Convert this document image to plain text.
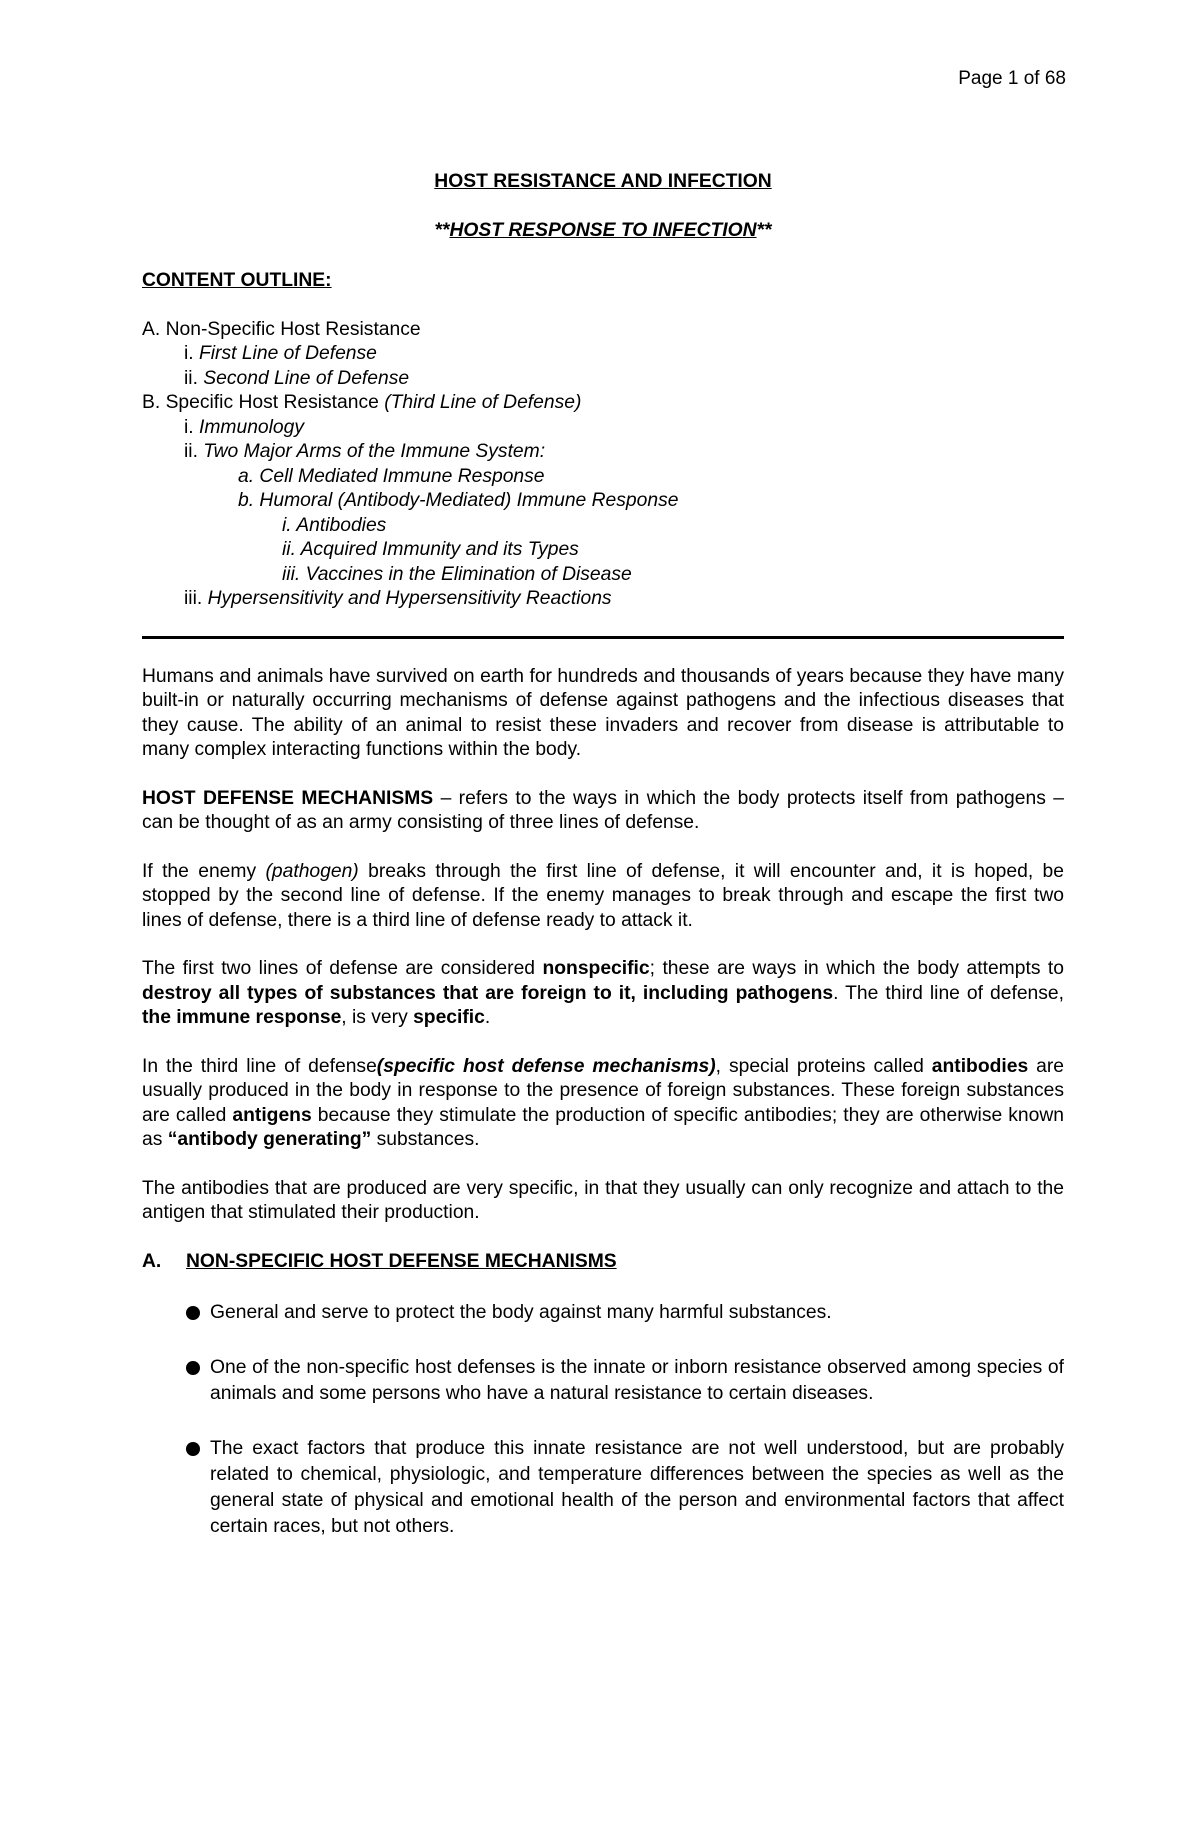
Page 1 of 68

HOST RESISTANCE AND INFECTION

**HOST RESPONSE TO INFECTION**

CONTENT OUTLINE:

A. Non-Specific Host Resistance

i. First Line of Defense

ii. Second Line of Defense

B. Specific Host Resistance (Third Line of Defense)

i. Immunology

ii. Two Major Arms of the Immune System:

a. Cell Mediated Immune Response

b. Humoral (Antibody-Mediated) Immune Response

i. Antibodies

ii. Acquired Immunity and its Types

iii. Vaccines in the Elimination of Disease

iii. Hypersensitivity and Hypersensitivity Reactions

Humans and animals have survived on earth for hundreds and thousands of years because they have many built-in or naturally occurring mechanisms of defense against pathogens and the infectious diseases that they cause. The ability of an animal to resist these invaders and recover from disease is attributable to many complex interacting functions within the body.

HOST DEFENSE MECHANISMS – refers to the ways in which the body protects itself from pathogens – can be thought of as an army consisting of three lines of defense.

If the enemy (pathogen) breaks through the first line of defense, it will encounter and, it is hoped, be stopped by the second line of defense. If the enemy manages to break through and escape the first two lines of defense, there is a third line of defense ready to attack it.

The first two lines of defense are considered nonspecific; these are ways in which the body attempts to destroy all types of substances that are foreign to it, including pathogens. The third line of defense, the immune response, is very specific.

In the third line of defense(specific host defense mechanisms), special proteins called antibodies are usually produced in the body in response to the presence of foreign substances. These foreign substances are called antigens because they stimulate the production of specific antibodies; they are otherwise known as “antibody generating” substances.

The antibodies that are produced are very specific, in that they usually can only recognize and attach to the antigen that stimulated their production.

A. NON-SPECIFIC HOST DEFENSE MECHANISMS

General and serve to protect the body against many harmful substances.

One of the non-specific host defenses is the innate or inborn resistance observed among species of animals and some persons who have a natural resistance to certain diseases.

The exact factors that produce this innate resistance are not well understood, but are probably related to chemical, physiologic, and temperature differences between the species as well as the general state of physical and emotional health of the person and environmental factors that affect certain races, but not others.
